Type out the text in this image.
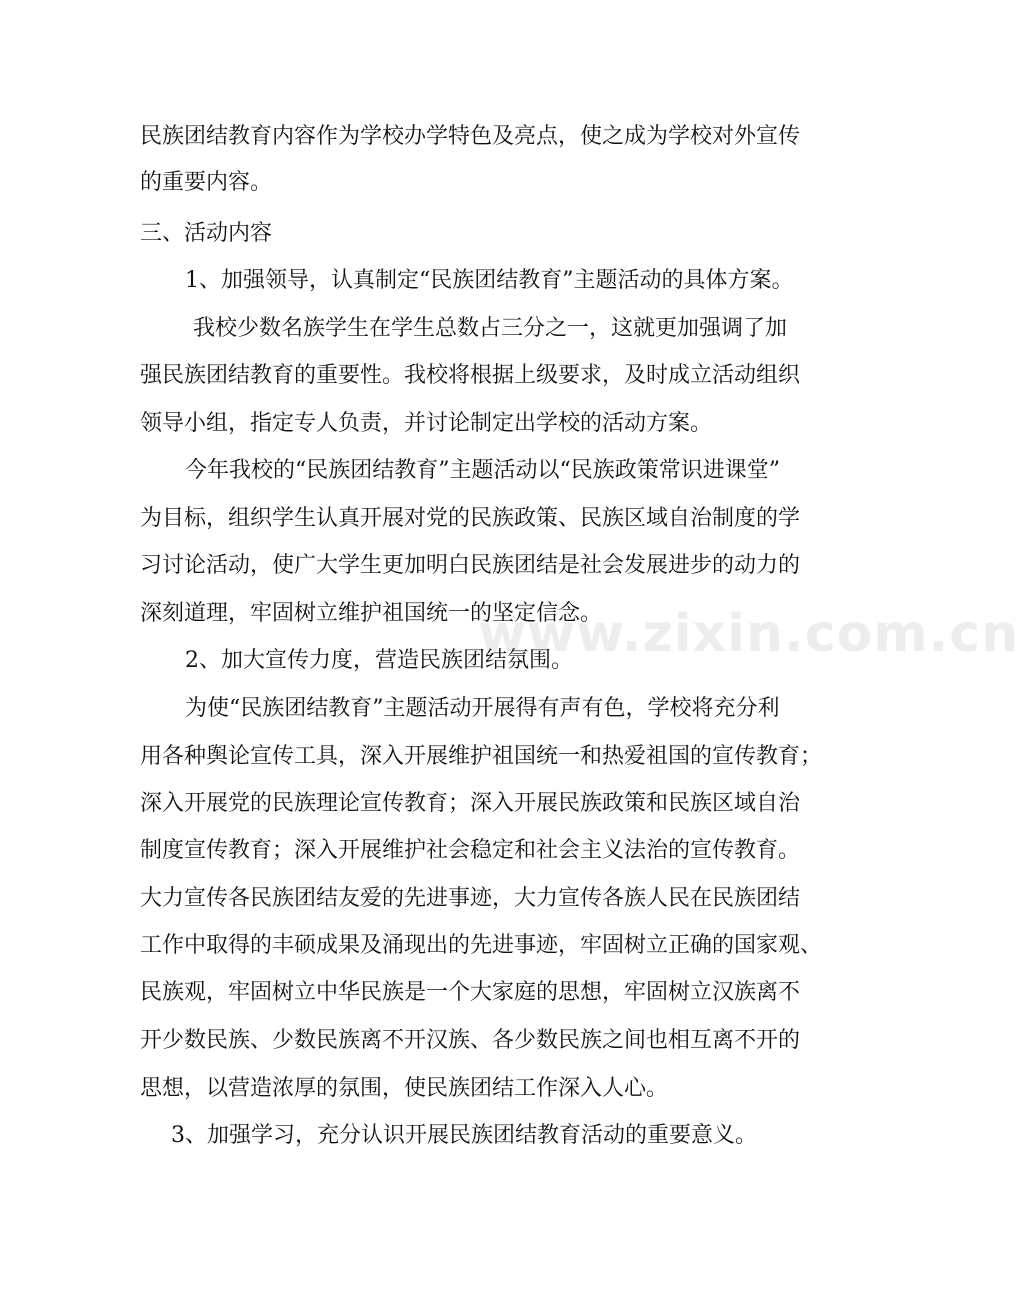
民族团结教育内容作为学校办学特色及亮点，使之成为学校对外宣传
的重要内容。
三、活动内容
1、加强领导，认真制定“民族团结教育”主题活动的具体方案。
我校少数名族学生在学生总数占三分之一，这就更加强调了加
强民族团结教育的重要性。我校将根据上级要求，及时成立活动组织
领导小组，指定专人负责，并讨论制定出学校的活动方案。
今年我校的“民族团结教育”主题活动以“民族政策常识进课堂”
为目标，组织学生认真开展对党的民族政策、民族区域自治制度的学
习讨论活动，使广大学生更加明白民族团结是社会发展进步的动力的
深刻道理，牢固树立维护祖国统一的坚定信念。
2、加大宣传力度，营造民族团结氛围。
为使“民族团结教育”主题活动开展得有声有色，学校将充分利
用各种舆论宣传工具，深入开展维护祖国统一和热爱祖国的宣传教育；
深入开展党的民族理论宣传教育；深入开展民族政策和民族区域自治
制度宣传教育；深入开展维护社会稳定和社会主义法治的宣传教育。
大力宣传各民族团结友爱的先进事迹，大力宣传各族人民在民族团结
工作中取得的丰硕成果及涌现出的先进事迹，牢固树立正确的国家观、
民族观，牢固树立中华民族是一个大家庭的思想，牢固树立汉族离不
开少数民族、少数民族离不开汉族、各少数民族之间也相互离不开的
思想，以营造浓厚的氛围，使民族团结工作深入人心。
3、加强学习，充分认识开展民族团结教育活动的重要意义。
www.zixin.com.cn
